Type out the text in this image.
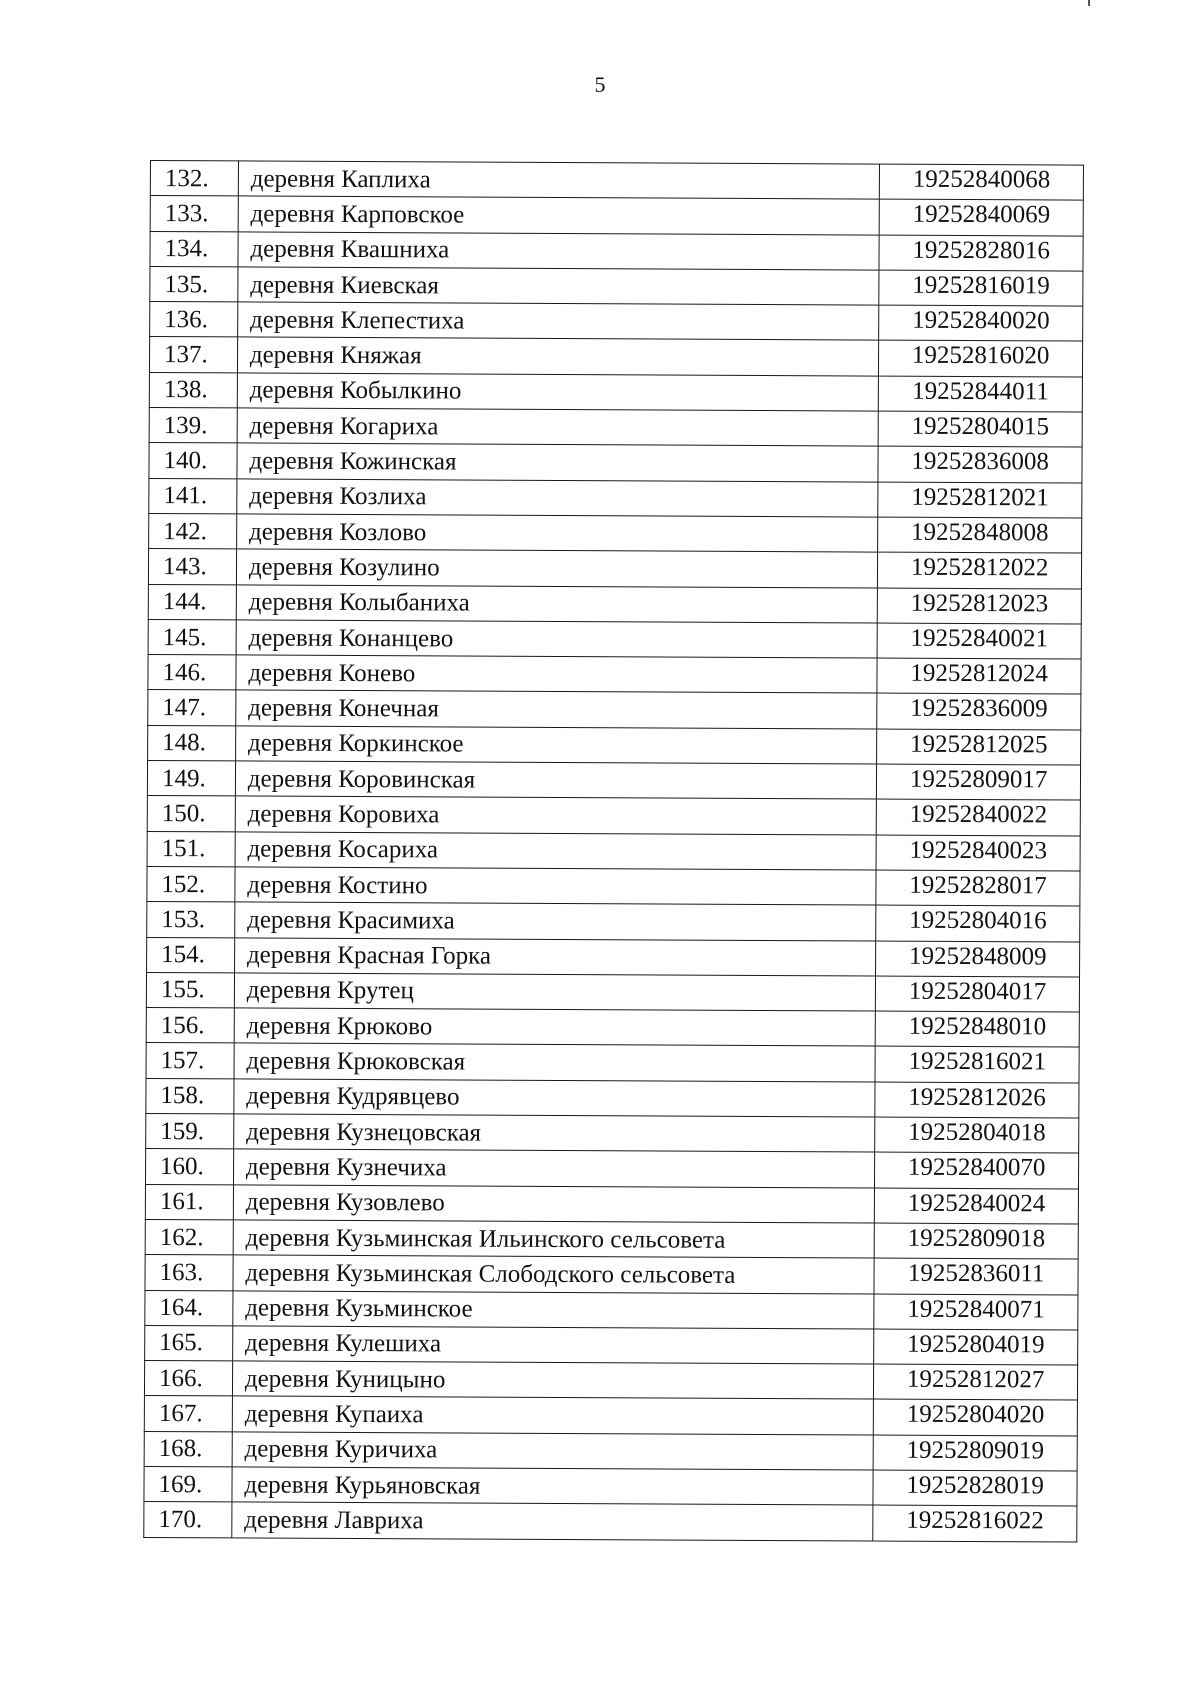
5
132.	деревня Каплиха	19252840068
133.	деревня Карповское	19252840069
134.	деревня Квашниха	19252828016
135.	деревня Киевская	19252816019
136.	деревня Клепестиха	19252840020
137.	деревня Княжая	19252816020
138.	деревня Кобылкино	19252844011
139.	деревня Когариха	19252804015
140.	деревня Кожинская	19252836008
141.	деревня Козлиха	19252812021
142.	деревня Козлово	19252848008
143.	деревня Козулино	19252812022
144.	деревня Колыбаниха	19252812023
145.	деревня Конанцево	19252840021
146.	деревня Конево	19252812024
147.	деревня Конечная	19252836009
148.	деревня Коркинское	19252812025
149.	деревня Коровинская	19252809017
150.	деревня Коровиха	19252840022
151.	деревня Косариха	19252840023
152.	деревня Костино	19252828017
153.	деревня Красимиха	19252804016
154.	деревня Красная Горка	19252848009
155.	деревня Крутец	19252804017
156.	деревня Крюково	19252848010
157.	деревня Крюковская	19252816021
158.	деревня Кудрявцево	19252812026
159.	деревня Кузнецовская	19252804018
160.	деревня Кузнечиха	19252840070
161.	деревня Кузовлево	19252840024
162.	деревня Кузьминская Ильинского сельсовета	19252809018
163.	деревня Кузьминская Слободского сельсовета	19252836011
164.	деревня Кузьминское	19252840071
165.	деревня Кулешиха	19252804019
166.	деревня Куницыно	19252812027
167.	деревня Купаиха	19252804020
168.	деревня Куричиха	19252809019
169.	деревня Курьяновская	19252828019
170.	деревня Лавриха	19252816022
